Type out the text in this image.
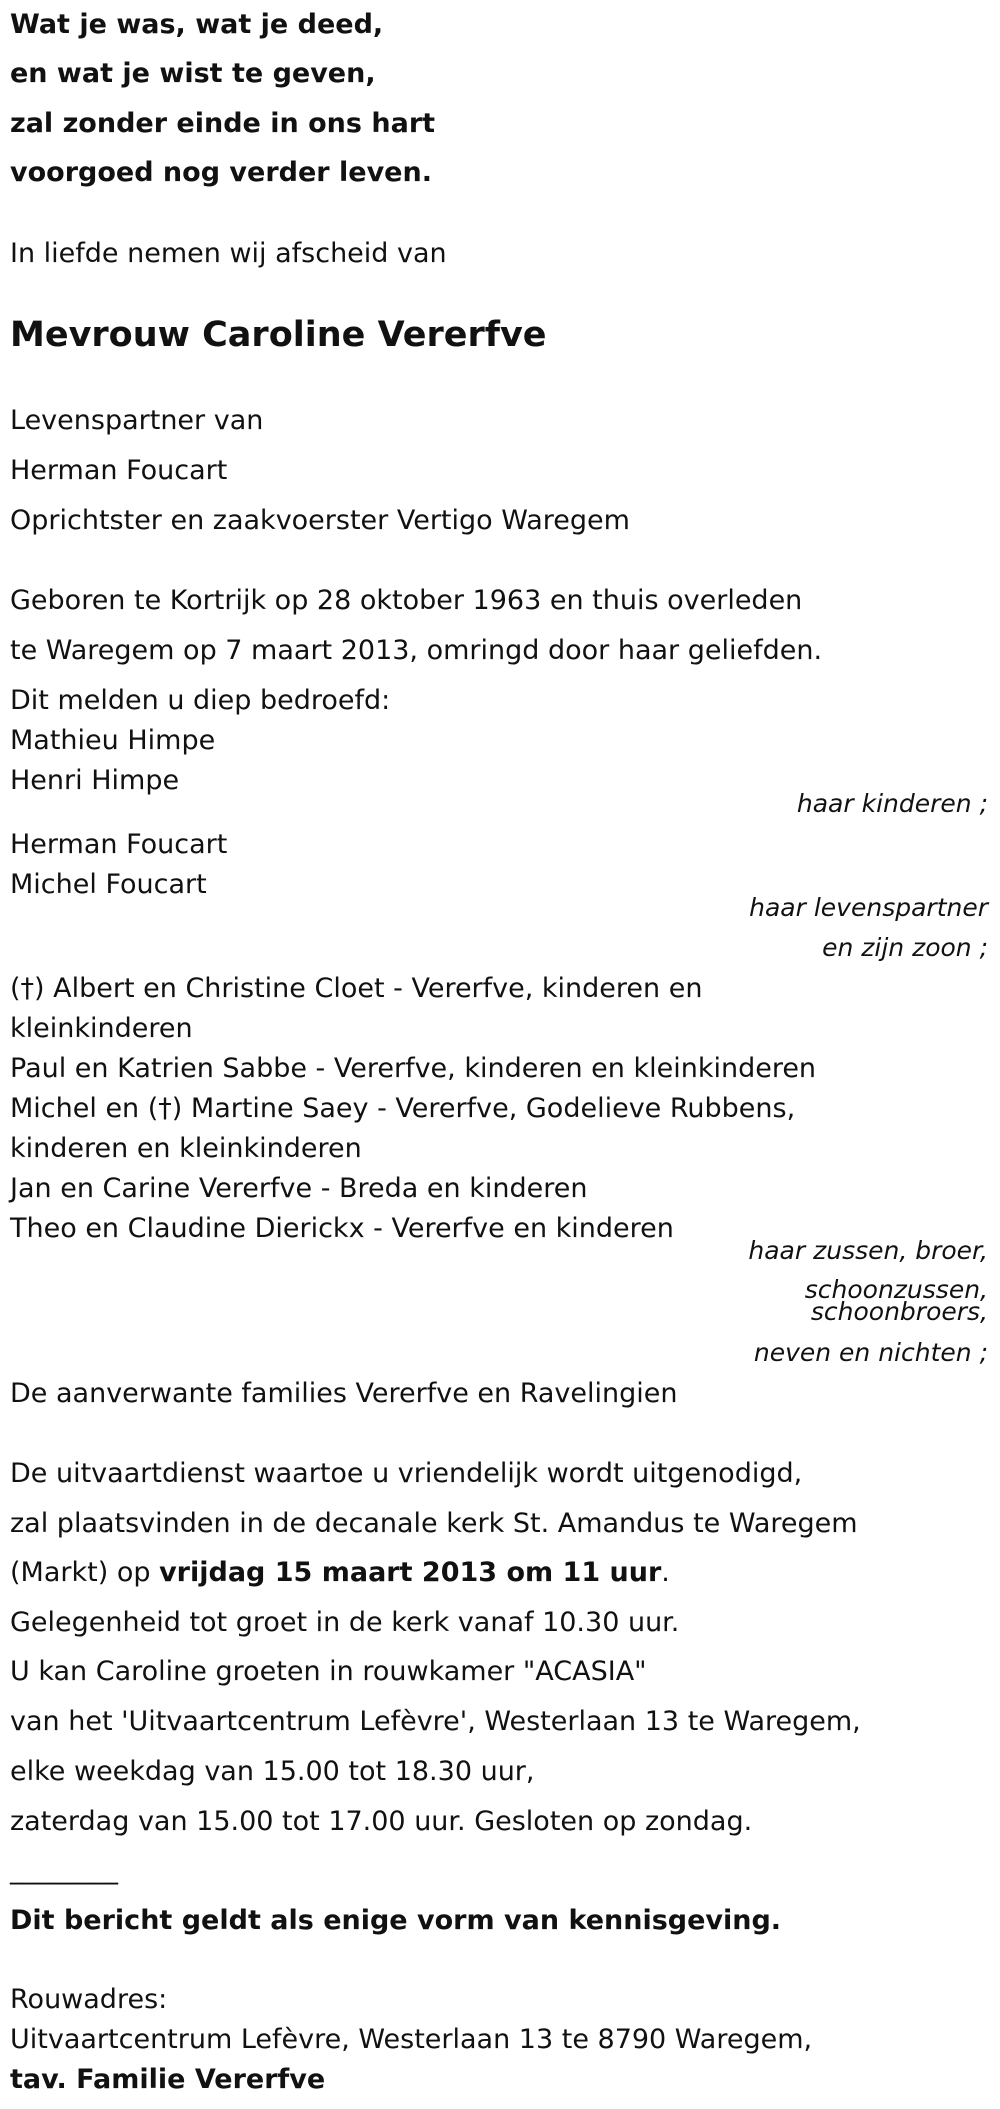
Wat je was, wat je deed,
en wat je wist te geven,
zal zonder einde in ons hart
voorgoed nog verder leven.
In liefde nemen wij afscheid van
Mevrouw Caroline Vererfve
Levenspartner van
Herman Foucart
Oprichtster en zaakvoerster Vertigo Waregem
Geboren te Kortrijk op 28 oktober 1963 en thuis overleden
te Waregem op 7 maart 2013, omringd door haar geliefden.
Dit melden u diep bedroefd:
Mathieu Himpe
Henri Himpe
haar kinderen ;
Herman Foucart
Michel Foucart
haar levenspartner
en zijn zoon ;
(†) Albert en Christine Cloet - Vererfve, kinderen en
kleinkinderen
Paul en Katrien Sabbe - Vererfve, kinderen en kleinkinderen
Michel en (†) Martine Saey - Vererfve, Godelieve Rubbens,
kinderen en kleinkinderen
Jan en Carine Vererfve - Breda en kinderen
Theo en Claudine Dierickx - Vererfve en kinderen
haar zussen, broer,
schoonzussen,
schoonbroers,
neven en nichten ;
De aanverwante families Vererfve en Ravelingien
De uitvaartdienst waartoe u vriendelijk wordt uitgenodigd,
zal plaatsvinden in de decanale kerk St. Amandus te Waregem
(Markt) op vrijdag 15 maart 2013 om 11 uur.
Gelegenheid tot groet in de kerk vanaf 10.30 uur.
U kan Caroline groeten in rouwkamer "ACASIA"
van het 'Uitvaartcentrum Lefèvre', Westerlaan 13 te Waregem,
elke weekdag van 15.00 tot 18.30 uur,
zaterdag van 15.00 tot 17.00 uur. Gesloten op zondag.
________
Dit bericht geldt als enige vorm van kennisgeving.
Rouwadres:
Uitvaartcentrum Lefèvre, Westerlaan 13 te 8790 Waregem,
tav. Familie Vererfve
